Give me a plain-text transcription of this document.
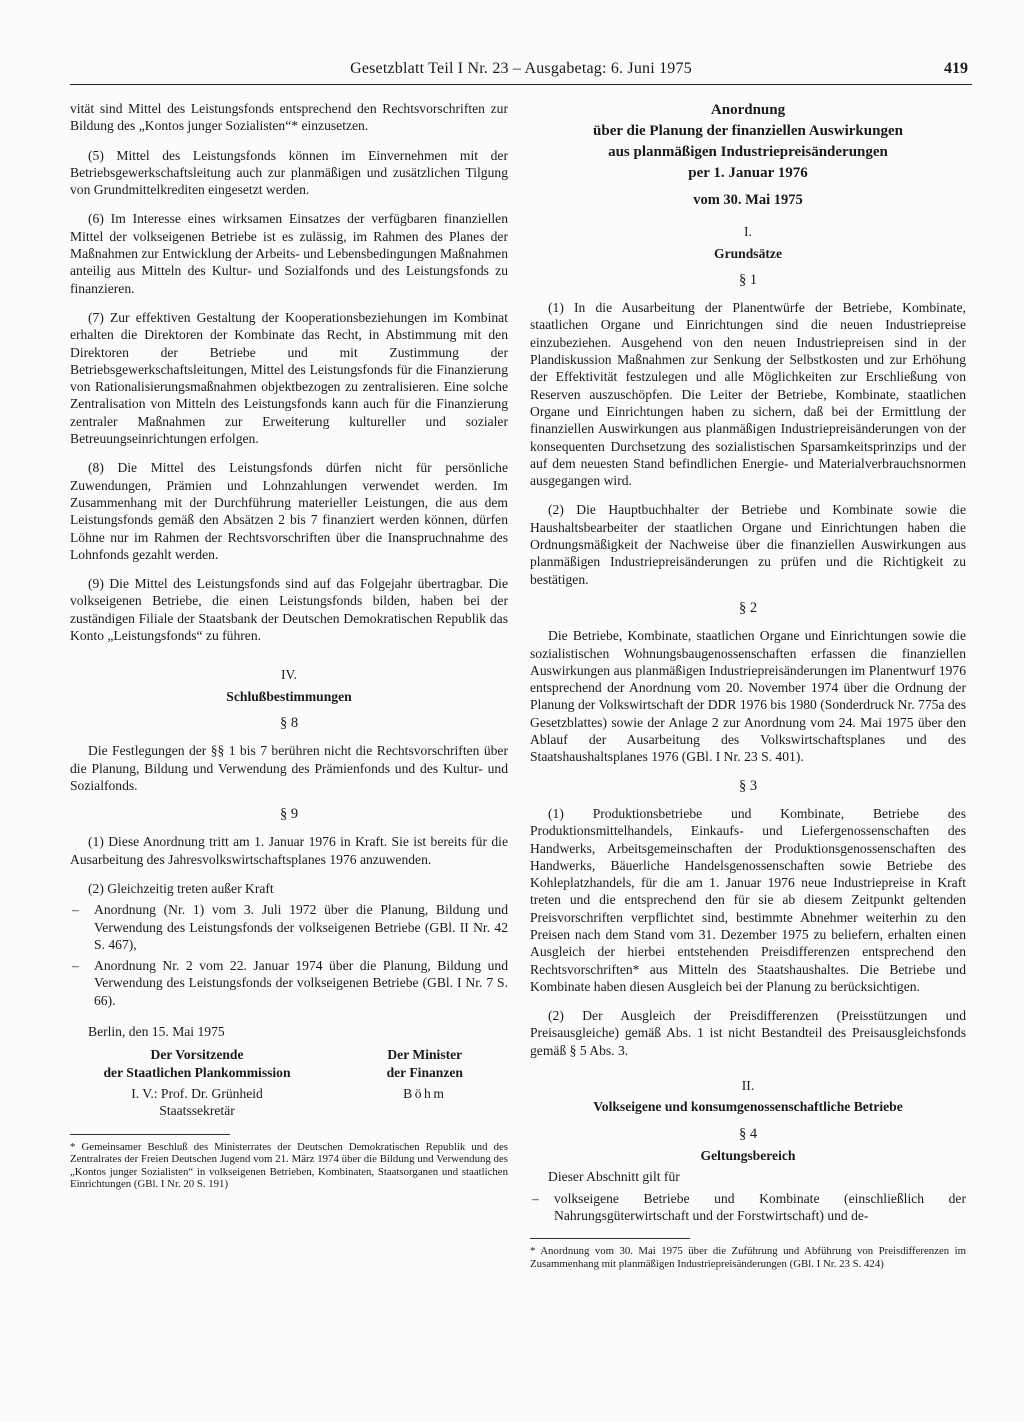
Gesetzblatt Teil I Nr. 23 – Ausgabetag: 6. Juni 1975	419

vität sind Mittel des Leistungsfonds entsprechend den Rechtsvorschriften zur Bildung des „Kontos junger Sozialisten“* einzusetzen.

(5) Mittel des Leistungsfonds können im Einvernehmen mit der Betriebsgewerkschaftsleitung auch zur planmäßigen und zusätzlichen Tilgung von Grundmittelkrediten eingesetzt werden.

(6) Im Interesse eines wirksamen Einsatzes der verfügbaren finanziellen Mittel der volkseigenen Betriebe ist es zulässig, im Rahmen des Planes der Maßnahmen zur Entwicklung der Arbeits- und Lebensbedingungen Maßnahmen anteilig aus Mitteln des Kultur- und Sozialfonds und des Leistungsfonds zu finanzieren.

(7) Zur effektiven Gestaltung der Kooperationsbeziehungen im Kombinat erhalten die Direktoren der Kombinate das Recht, in Abstimmung mit den Direktoren der Betriebe und mit Zustimmung der Betriebsgewerkschaftsleitungen, Mittel des Leistungsfonds für die Finanzierung von Rationalisierungsmaßnahmen objektbezogen zu zentralisieren. Eine solche Zentralisation von Mitteln des Leistungsfonds kann auch für die Finanzierung zentraler Maßnahmen zur Erweiterung kultureller und sozialer Betreuungseinrichtungen erfolgen.

(8) Die Mittel des Leistungsfonds dürfen nicht für persönliche Zuwendungen, Prämien und Lohnzahlungen verwendet werden. Im Zusammenhang mit der Durchführung materieller Leistungen, die aus dem Leistungsfonds gemäß den Absätzen 2 bis 7 finanziert werden können, dürfen Löhne nur im Rahmen der Rechtsvorschriften über die Inanspruchnahme des Lohnfonds gezahlt werden.

(9) Die Mittel des Leistungsfonds sind auf das Folgejahr übertragbar. Die volkseigenen Betriebe, die einen Leistungsfonds bilden, haben bei der zuständigen Filiale der Staatsbank der Deutschen Demokratischen Republik das Konto „Leistungsfonds“ zu führen.

IV.
Schlußbestimmungen
§ 8

Die Festlegungen der §§ 1 bis 7 berühren nicht die Rechtsvorschriften über die Planung, Bildung und Verwendung des Prämienfonds und des Kultur- und Sozialfonds.

§ 9

(1) Diese Anordnung tritt am 1. Januar 1976 in Kraft. Sie ist bereits für die Ausarbeitung des Jahresvolkswirtschaftsplanes 1976 anzuwenden.

(2) Gleichzeitig treten außer Kraft

– Anordnung (Nr. 1) vom 3. Juli 1972 über die Planung, Bildung und Verwendung des Leistungsfonds der volkseigenen Betriebe (GBl. II Nr. 42 S. 467),
– Anordnung Nr. 2 vom 22. Januar 1974 über die Planung, Bildung und Verwendung des Leistungsfonds der volkseigenen Betriebe (GBl. I Nr. 7 S. 66).

Berlin, den 15. Mai 1975

Der Vorsitzende
der Staatlichen Plankommission
I. V.: Prof. Dr. Grünheid
Staatssekretär
Der Minister
der Finanzen
Böhm

* Gemeinsamer Beschluß des Ministerrates der Deutschen Demokratischen Republik und des Zentralrates der Freien Deutschen Jugend vom 21. März 1974 über die Bildung und Verwendung des „Kontos junger Sozialisten“ in volkseigenen Betrieben, Kombinaten, Staatsorganen und staatlichen Einrichtungen (GBl. I Nr. 20 S. 191)

Anordnung
über die Planung der finanziellen Auswirkungen
aus planmäßigen Industriepreisänderungen
per 1. Januar 1976
vom 30. Mai 1975
I.
Grundsätze
§ 1

(1) In die Ausarbeitung der Planentwürfe der Betriebe, Kombinate, staatlichen Organe und Einrichtungen sind die neuen Industriepreise einzubeziehen. Ausgehend von den neuen Industriepreisen sind in der Plandiskussion Maßnahmen zur Senkung der Selbstkosten und zur Erhöhung der Effektivität festzulegen und alle Möglichkeiten zur Erschließung von Reserven auszuschöpfen. Die Leiter der Betriebe, Kombinate, staatlichen Organe und Einrichtungen haben zu sichern, daß bei der Ermittlung der finanziellen Auswirkungen aus planmäßigen Industriepreisänderungen von der konsequenten Durchsetzung des sozialistischen Sparsamkeitsprinzips und der auf dem neuesten Stand befindlichen Energie- und Materialverbrauchsnormen ausgegangen wird.

(2) Die Hauptbuchhalter der Betriebe und Kombinate sowie die Haushaltsbearbeiter der staatlichen Organe und Einrichtungen haben die Ordnungsmäßigkeit der Nachweise über die finanziellen Auswirkungen aus planmäßigen Industriepreisänderungen zu prüfen und die Richtigkeit zu bestätigen.

§ 2

Die Betriebe, Kombinate, staatlichen Organe und Einrichtungen sowie die sozialistischen Wohnungsbaugenossenschaften erfassen die finanziellen Auswirkungen aus planmäßigen Industriepreisänderungen im Planentwurf 1976 entsprechend der Anordnung vom 20. November 1974 über die Ordnung der Planung der Volkswirtschaft der DDR 1976 bis 1980 (Sonderdruck Nr. 775a des Gesetzblattes) sowie der Anlage 2 zur Anordnung vom 24. Mai 1975 über den Ablauf der Ausarbeitung des Volkswirtschaftsplanes und des Staatshaushaltsplanes 1976 (GBl. I Nr. 23 S. 401).

§ 3

(1) Produktionsbetriebe und Kombinate, Betriebe des Produktionsmittelhandels, Einkaufs- und Liefergenossenschaften des Handwerks, Arbeitsgemeinschaften der Produktionsgenossenschaften des Handwerks, Bäuerliche Handelsgenossenschaften sowie Betriebe des Kohleplatzhandels, für die am 1. Januar 1976 neue Industriepreise in Kraft treten und die entsprechend den für sie ab diesem Zeitpunkt geltenden Preisvorschriften verpflichtet sind, bestimmte Abnehmer weiterhin zu den Preisen nach dem Stand vom 31. Dezember 1975 zu beliefern, erhalten einen Ausgleich der hierbei entstehenden Preisdifferenzen entsprechend den Rechtsvorschriften* aus Mitteln des Staatshaushaltes. Die Betriebe und Kombinate haben diesen Ausgleich bei der Planung zu berücksichtigen.

(2) Der Ausgleich der Preisdifferenzen (Preisstützungen und Preisausgleiche) gemäß Abs. 1 ist nicht Bestandteil des Preisausgleichsfonds gemäß § 5 Abs. 3.

II.
Volkseigene und konsumgenossenschaftliche Betriebe
§ 4
Geltungsbereich

Dieser Abschnitt gilt für

– volkseigene Betriebe und Kombinate (einschließlich der Nahrungsgüterwirtschaft und der Forstwirtschaft) und de-

* Anordnung vom 30. Mai 1975 über die Zuführung und Abführung von Preisdifferenzen im Zusammenhang mit planmäßigen Industriepreisänderungen (GBl. I Nr. 23 S. 424)
